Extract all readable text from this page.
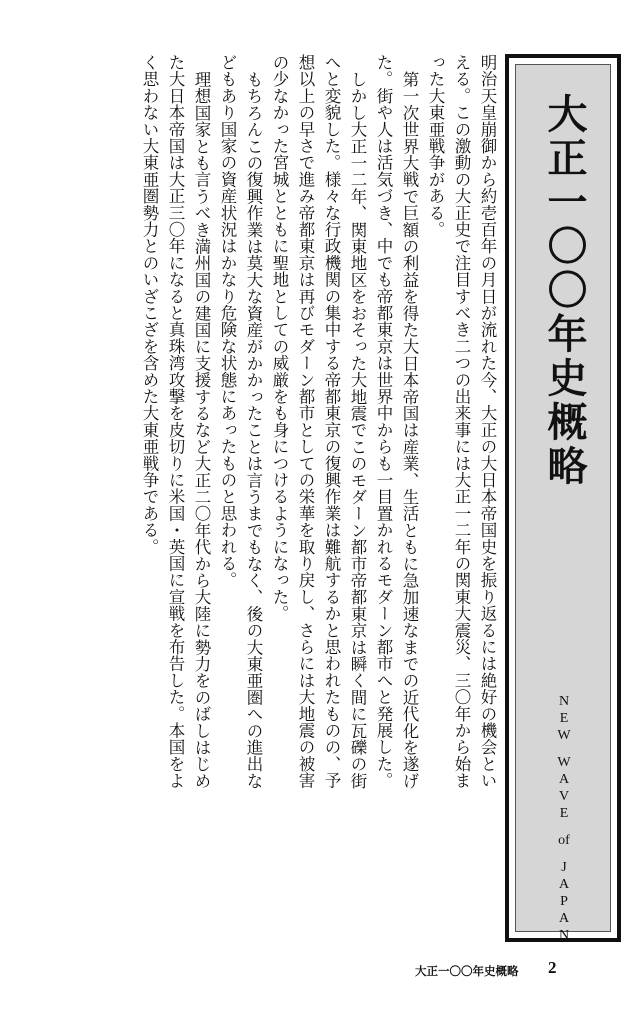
明治天皇崩御から約壱百年の月日が流れた今、大正の大日本帝国史を振り返るには絶好の機会といえる。この激動の大正史で注目すべき二つの出来事には大正一二年の関東大震災、三〇年から始まった大東亜戦争がある。

第一次世界大戦で巨額の利益を得た大日本帝国は産業、生活ともに急加速なまでの近代化を遂げた。街や人は活気づき、中でも帝都東京は世界中からも一目置かれるモダーン都市へと発展した。

しかし大正一二年、関東地区をおそった大地震でこのモダーン都市帝都東京は瞬く間に瓦礫の街へと変貌した。様々な行政機関の集中する帝都東京の復興作業は難航するかと思われたものの、予想以上の早さで進み帝都東京は再びモダーン都市としての栄華を取り戻し、さらには大地震の被害の少なかった宮城とともに聖地としての威厳をも身につけるようになった。

もちろんこの復興作業は莫大な資産がかかったことは言うまでもなく、後の大東亜圏への進出などもあり国家の資産状況はかなり危険な状態にあったものと思われる。

理想国家とも言うべき満州国の建国に支援するなど大正二〇年代から大陸に勢力をのばしはじめた大日本帝国は大正三〇年になると真珠湾攻撃を皮切りに米国・英国に宣戦を布告した。本国をよく思わない大東亜圏勢力とのいざこざを含めた大東亜戦争である。	大正一〇〇年史概略
N
E
W
W
A
V
E
of
J
A
P
A
N
大正一〇〇年史概略 2
